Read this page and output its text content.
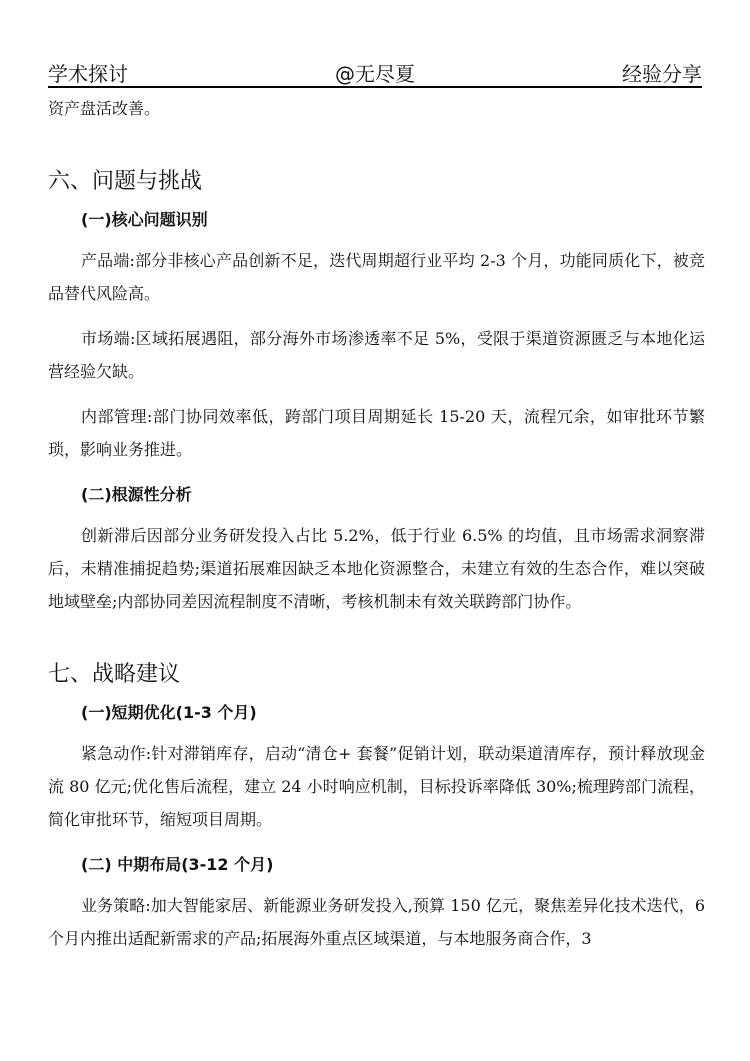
学术探讨	@无尽夏	经验分享

资产盘活改善。

六、问题与挑战
(一)核心问题识别

产品端:部分非核心产品创新不足，迭代周期超行业平均 2-3 个月，功能同质化下，被竞品替代风险高。

市场端:区域拓展遇阻，部分海外市场渗透率不足 5%，受限于渠道资源匮乏与本地化运营经验欠缺。

内部管理:部门协同效率低，跨部门项目周期延长 15-20 天，流程冗余，如审批环节繁琐，影响业务推进。

(二)根源性分析

创新滞后因部分业务研发投入占比 5.2%，低于行业 6.5% 的均值，且市场需求洞察滞后，未精准捕捉趋势;渠道拓展难因缺乏本地化资源整合，未建立有效的生态合作，难以突破地域壁垒;内部协同差因流程制度不清晰，考核机制未有效关联跨部门协作。

七、战略建议
(一)短期优化(1-3 个月)

紧急动作:针对滞销库存，启动“清仓+ 套餐”促销计划，联动渠道清库存，预计释放现金流 80 亿元;优化售后流程，建立 24 小时响应机制，目标投诉率降低 30%;梳理跨部门流程，简化审批环节，缩短项目周期。

(二) 中期布局(3-12 个月)

业务策略:加大智能家居、新能源业务研发投入,预算 150 亿元，聚焦差异化技术迭代，6 个月内推出适配新需求的产品;拓展海外重点区域渠道，与本地服务商合作，3
